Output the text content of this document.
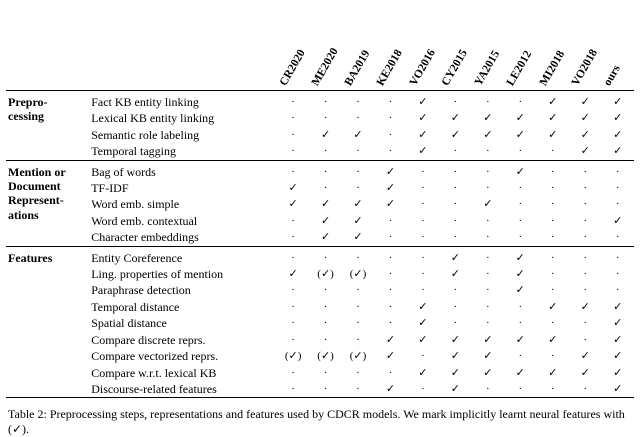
		CR2020	ME2020	BA2019	KE2018	VO2016	CY2015	YA2015	LE2012	MI2018	VO2018	ours

Prepro-
cessing	Fact KB entity linking	·	·	·	·	✓	·	·	·	✓	✓	✓
	Lexical KB entity linking	·	·	·	·	✓	✓	✓	✓	✓	✓	✓
	Semantic role labeling	·	✓	✓	·	✓	✓	✓	✓	✓	✓	✓
	Temporal tagging	·	·	·	·	✓	·	·	·	·	✓	✓

Mention or
Document
Represent-
ations	Bag of words	·	·	·	✓	·	·	·	✓	·	·	·
	TF-IDF	✓	·	·	✓	·	·	·	·	·	·	·
	Word emb. simple	✓	✓	✓	✓	·	·	✓	·	·	·	·
	Word emb. contextual	·	✓	✓	·	·	·	·	·	·	·	✓
	Character embeddings	·	✓	✓	·	·	·	·	·	·	·	·

Features	Entity Coreference	·	·	·	·	·	✓	·	✓	·	·	·
	Ling. properties of mention	✓	(✓)	(✓)	·	·	✓	·	✓	·	·	·
	Paraphrase detection	·	·	·	·	·	·	·	✓	·	·	·
	Temporal distance	·	·	·	·	✓	·	·	·	✓	✓	✓
	Spatial distance	·	·	·	·	✓	·	·	·	·	·	✓
	Compare discrete reprs.	·	·	·	✓	✓	✓	✓	✓	✓	·	✓
	Compare vectorized reprs.	(✓)	(✓)	(✓)	✓	·	✓	✓	·	·	✓	✓
	Compare w.r.t. lexical KB	·	·	·	·	✓	✓	✓	✓	✓	✓	✓
	Discourse-related features	·	·	·	✓	·	✓	·	·	·	·	✓

Table 2: Preprocessing steps, representations and features used by CDCR models. We mark implicitly learnt neural features with (✓).
